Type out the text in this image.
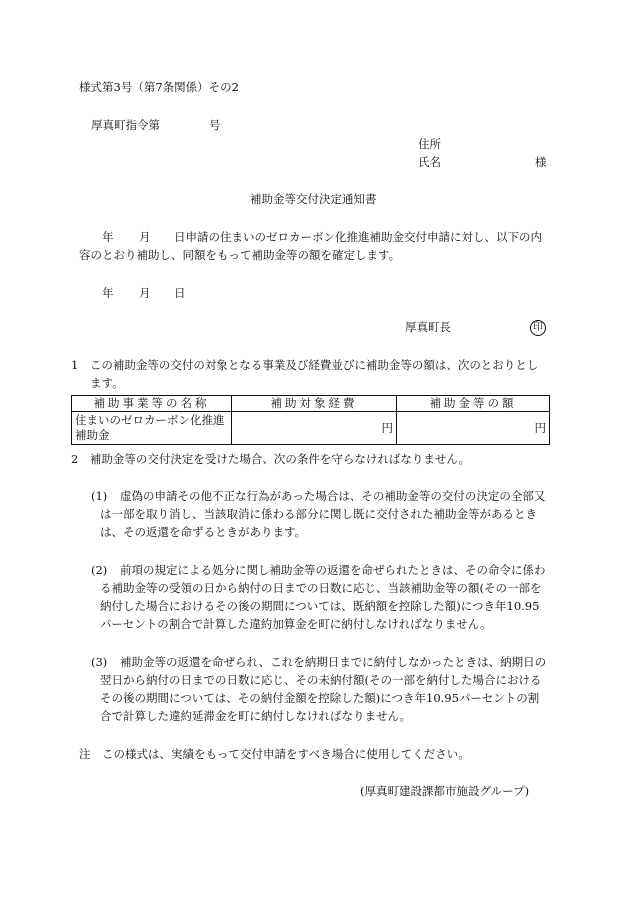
様式第3号（第7条関係）その2
厚真町指令第	号
住所
氏名	様
補助金等交付決定通知書
年 月 日申請の住まいのゼロカーボン化推進補助金交付申請に対し、以下の内
容のとおり補助し、同額をもって補助金等の額を確定します。
年 月 日
厚真町長	印
1　この補助金等の交付の対象となる事業及び経費並びに補助金等の額は、次のとおりとし
ます。
補助事業等の名称	補助対象経費	補助金等の額

住まいのゼロカーボン化推進
補助金	円	円
2　補助金等の交付決定を受けた場合、次の条件を守らなければなりません。
(1) 虚偽の申請その他不正な行為があった場合は、その補助金等の交付の決定の全部又
は一部を取り消し、当該取消に係わる部分に関し既に交付された補助金等があるとき
は、その返還を命ずるときがあります。
(2) 前項の規定による処分に関し補助金等の返還を命ぜられたときは、その命令に係わ
る補助金等の受領の日から納付の日までの日数に応じ、当該補助金等の額(その一部を
納付した場合におけるその後の期間については、既納額を控除した額)につき年10.95
パーセントの割合で計算した違約加算金を町に納付しなければなりません。
(3) 補助金等の返還を命ぜられ、これを納期日までに納付しなかったときは、納期日の
翌日から納付の日までの日数に応じ、その未納付額(その一部を納付した場合における
その後の期間については、その納付金額を控除した額)につき年10.95パーセントの割
合で計算した違約延滞金を町に納付しなければなりません。
注　この様式は、実績をもって交付申請をすべき場合に使用してください。
(厚真町建設課都市施設グループ)
